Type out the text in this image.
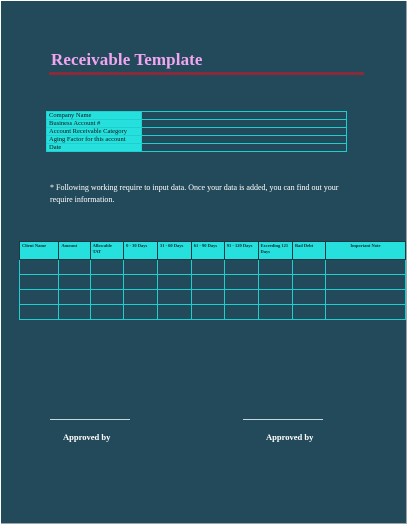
Receivable Template
Company Name	
Business Account #	
Account Receivable Category	
Aging Factor for this account	
Date	
* Following working require to input data. Once your data is added, you can find out your require information.
Client Name	Amount	Allowable TAT	0 - 30 Days	31 - 60 Days	61 - 90 Days	91 - 120 Days	Exceeding 121 Days	Bad Debt	Important Note

Approved by	Approved by
